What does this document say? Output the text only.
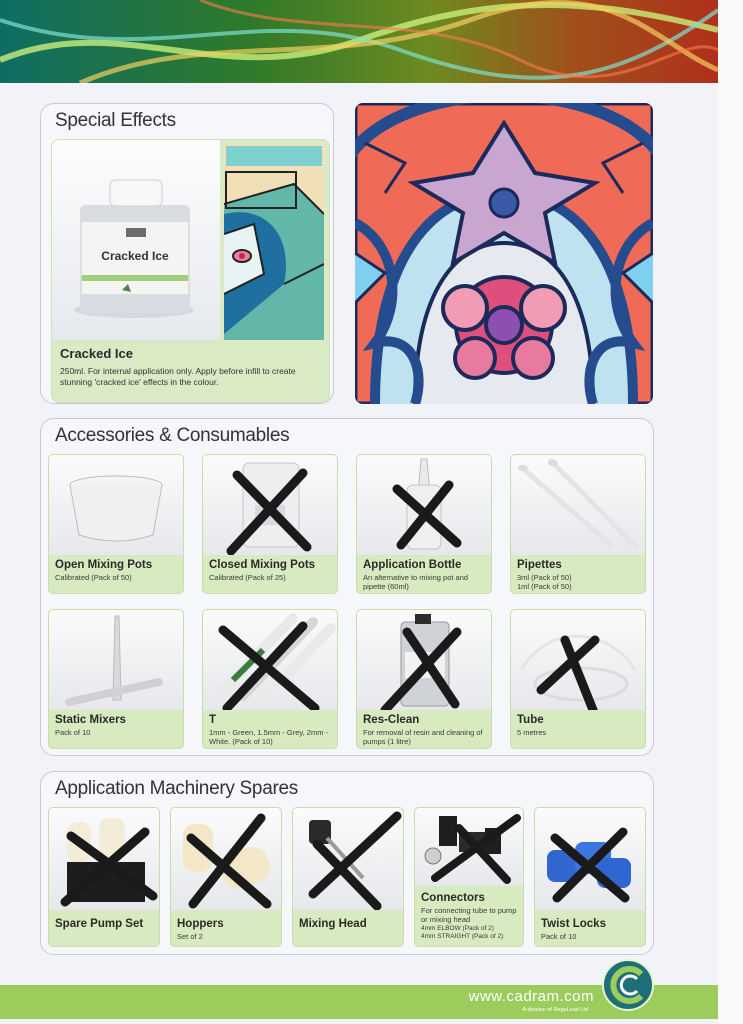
Special Effects
Cracked Ice
Cracked Ice
250ml. For internal application only. Apply before infill to create stunning 'cracked ice' effects in the colour.
Accessories & Consumables
Open Mixing Pots
Calibrated (Pack of 50)
Closed Mixing Pots
Calibrated (Pack of 25)
Application Bottle
An alternative to mixing pot and pipette (60ml)
Pipettes
3ml (Pack of 50)
1ml (Pack of 50)
Static Mixers
Pack of 10
T
1mm - Green, 1.5mm - Grey, 2mm - White. (Pack of 10)
Res-Clean
For removal of resin and cleaning of pumps (1 litre)
Tube
5 metres
Application Machinery Spares
Spare Pump Set	Hoppers
Set of 2
Mixing Head
Connectors
For connecting tube to pump or mixing head
4mm ELBOW (Pack of 2)
4mm STRAIGHT (Pack of 2)
Twist Locks
Pack of 10
www.cadram.com
A division of RegaLead Ltd
